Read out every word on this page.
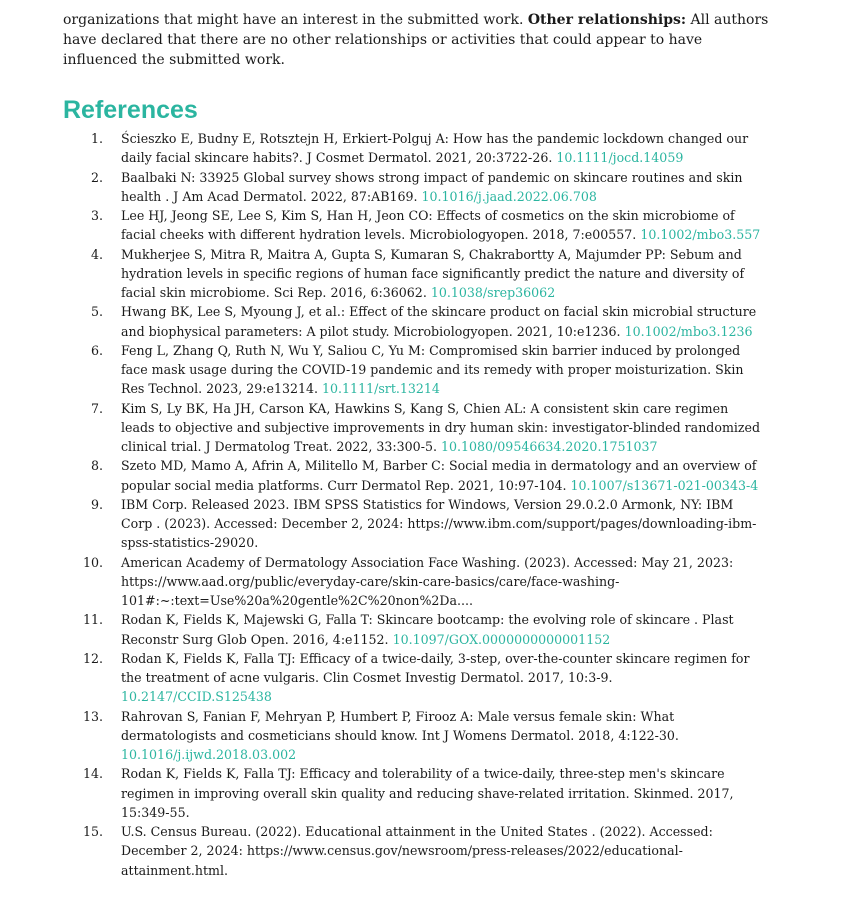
organizations that might have an interest in the submitted work. Other relationships: All authors have declared that there are no other relationships or activities that could appear to have influenced the submitted work.
References
1. Ścieszko E, Budny E, Rotsztejn H, Erkiert-Polguj A: How has the pandemic lockdown changed our daily facial skincare habits?. J Cosmet Dermatol. 2021, 20:3722-26. 10.1111/jocd.14059
2. Baalbaki N: 33925 Global survey shows strong impact of pandemic on skincare routines and skin health . J Am Acad Dermatol. 2022, 87:AB169. 10.1016/j.jaad.2022.06.708
3. Lee HJ, Jeong SE, Lee S, Kim S, Han H, Jeon CO: Effects of cosmetics on the skin microbiome of facial cheeks with different hydration levels. Microbiologyopen. 2018, 7:e00557. 10.1002/mbo3.557
4. Mukherjee S, Mitra R, Maitra A, Gupta S, Kumaran S, Chakrabortty A, Majumder PP: Sebum and hydration levels in specific regions of human face significantly predict the nature and diversity of facial skin microbiome. Sci Rep. 2016, 6:36062. 10.1038/srep36062
5. Hwang BK, Lee S, Myoung J, et al.: Effect of the skincare product on facial skin microbial structure and biophysical parameters: A pilot study. Microbiologyopen. 2021, 10:e1236. 10.1002/mbo3.1236
6. Feng L, Zhang Q, Ruth N, Wu Y, Saliou C, Yu M: Compromised skin barrier induced by prolonged face mask usage during the COVID-19 pandemic and its remedy with proper moisturization. Skin Res Technol. 2023, 29:e13214. 10.1111/srt.13214
7. Kim S, Ly BK, Ha JH, Carson KA, Hawkins S, Kang S, Chien AL: A consistent skin care regimen leads to objective and subjective improvements in dry human skin: investigator-blinded randomized clinical trial. J Dermatolog Treat. 2022, 33:300-5. 10.1080/09546634.2020.1751037
8. Szeto MD, Mamo A, Afrin A, Militello M, Barber C: Social media in dermatology and an overview of popular social media platforms. Curr Dermatol Rep. 2021, 10:97-104. 10.1007/s13671-021-00343-4
9. IBM Corp. Released 2023. IBM SPSS Statistics for Windows, Version 29.0.2.0 Armonk, NY: IBM Corp . (2023). Accessed: December 2, 2024: https://www.ibm.com/support/pages/downloading-ibm-spss-statistics-29020.
10. American Academy of Dermatology Association Face Washing. (2023). Accessed: May 21, 2023: https://www.aad.org/public/everyday-care/skin-care-basics/care/face-washing-101#:~:text=Use%20a%20gentle%2C%20non%2Da....
11. Rodan K, Fields K, Majewski G, Falla T: Skincare bootcamp: the evolving role of skincare . Plast Reconstr Surg Glob Open. 2016, 4:e1152. 10.1097/GOX.0000000000001152
12. Rodan K, Fields K, Falla TJ: Efficacy of a twice-daily, 3-step, over-the-counter skincare regimen for the treatment of acne vulgaris. Clin Cosmet Investig Dermatol. 2017, 10:3-9. 10.2147/CCID.S125438
13. Rahrovan S, Fanian F, Mehryan P, Humbert P, Firooz A: Male versus female skin: What dermatologists and cosmeticians should know. Int J Womens Dermatol. 2018, 4:122-30. 10.1016/j.ijwd.2018.03.002
14. Rodan K, Fields K, Falla TJ: Efficacy and tolerability of a twice-daily, three-step men's skincare regimen in improving overall skin quality and reducing shave-related irritation. Skinmed. 2017, 15:349-55.
15. U.S. Census Bureau. (2022). Educational attainment in the United States . (2022). Accessed: December 2, 2024: https://www.census.gov/newsroom/press-releases/2022/educational-attainment.html.
